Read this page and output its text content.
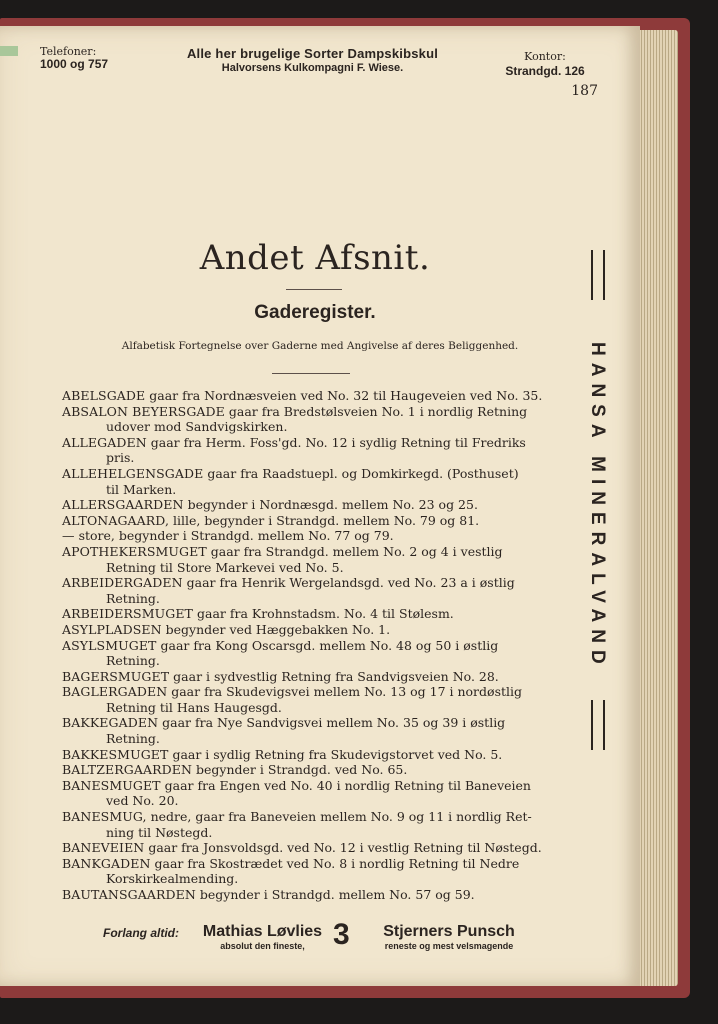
Telefoner:
1000 og 757
Alle her brugelige Sorter Dampskibskul
Halvorsens Kulkompagni F. Wiese.
Kontor:
Strandgd. 126
187
Andet Afsnit.
Gaderegister.
Alfabetisk Fortegnelse over Gaderne med Angivelse af deres Beliggenhed.

ABELSGADE gaar fra Nordnæsveien ved No. 32 til Haugeveien ved No. 35.

ABSALON BEYERSGADE gaar fra Bredstølsveien No. 1 i nordlig Retning
udover mod Sandvigskirken.

ALLEGADEN gaar fra Herm. Foss'gd. No. 12 i sydlig Retning til Fredriks
pris.

ALLEHELGENSGADE gaar fra Raadstuepl. og Domkirkegd. (Posthuset)
til Marken.

ALLERSGAARDEN begynder i Nordnæsgd. mellem No. 23 og 25.

ALTONAGAARD, lille, begynder i Strandgd. mellem No. 79 og 81.

— store, begynder i Strandgd. mellem No. 77 og 79.

APOTHEKERSMUGET gaar fra Strandgd. mellem No. 2 og 4 i vestlig
Retning til Store Markevei ved No. 5.

ARBEIDERGADEN gaar fra Henrik Wergelandsgd. ved No. 23 a i østlig
Retning.

ARBEIDERSMUGET gaar fra Krohnstadsm. No. 4 til Stølesm.

ASYLPLADSEN begynder ved Hæggebakken No. 1.

ASYLSMUGET gaar fra Kong Oscarsgd. mellem No. 48 og 50 i østlig
Retning.

BAGERSMUGET gaar i sydvestlig Retning fra Sandvigsveien No. 28.

BAGLERGADEN gaar fra Skudevigsvei mellem No. 13 og 17 i nordøstlig
Retning til Hans Haugesgd.

BAKKEGADEN gaar fra Nye Sandvigsvei mellem No. 35 og 39 i østlig
Retning.

BAKKESMUGET gaar i sydlig Retning fra Skudevigstorvet ved No. 5.

BALTZERGAARDEN begynder i Strandgd. ved No. 65.

BANESMUGET gaar fra Engen ved No. 40 i nordlig Retning til Baneveien
ved No. 20.

BANESMUG, nedre, gaar fra Baneveien mellem No. 9 og 11 i nordlig Ret-
ning til Nøstegd.

BANEVEIEN gaar fra Jonsvoldsgd. ved No. 12 i vestlig Retning til Nøstegd.

BANKGADEN gaar fra Skostrædet ved No. 8 i nordlig Retning til Nedre
Korskirkealmending.

BAUTANSGAARDEN begynder i Strandgd. mellem No. 57 og 59.

HANSA MINERALVAND
Forlang altid:	Mathias Løvlies
absolut den fineste, 3	Stjerners Punsch
reneste og mest velsmagende
